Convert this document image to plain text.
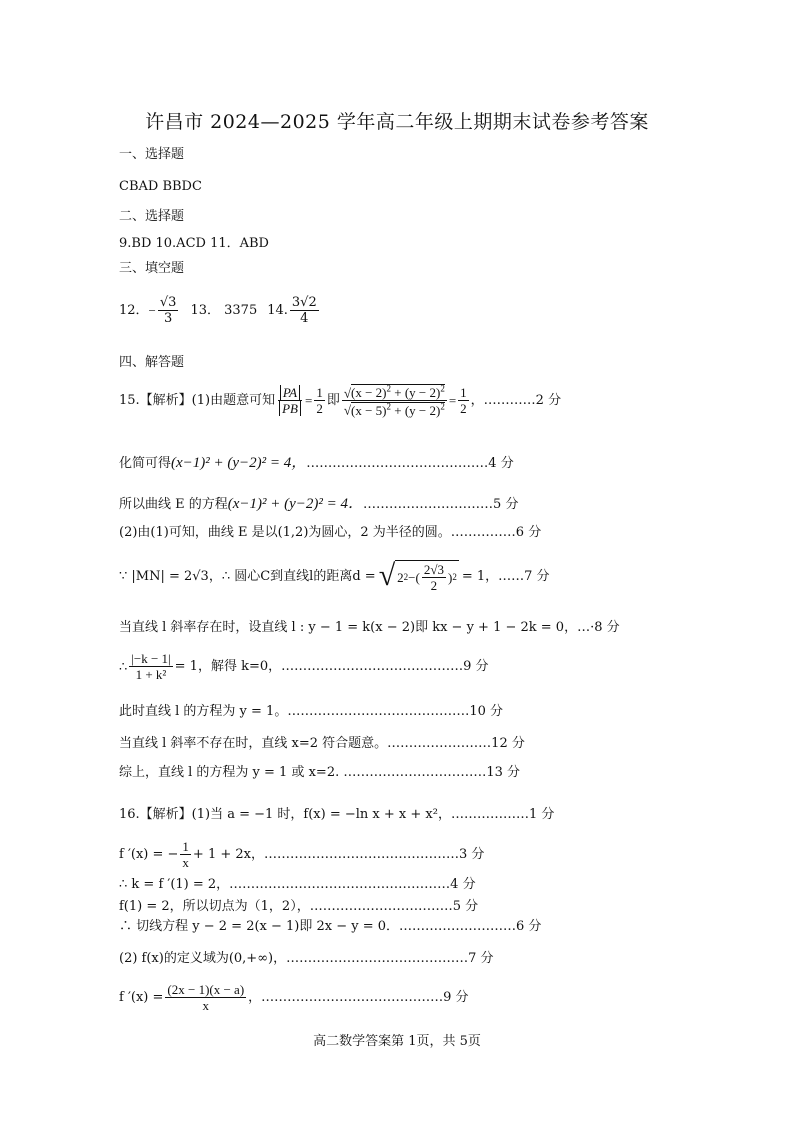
许昌市 2024—2025 学年高二年级上期期末试卷参考答案
一、选择题
CBAD BBDC
二、选择题
9.BD 10.ACD 11．ABD
三、填空题
12． − $\frac{√3}{3} 13$． 3375 14. $\frac{3√2}{4}$
四、解答题
15.【解析】(1)由题意可知 $\frac{PA}{PB} = \frac{1}{2}$ 即 $\frac{√(x - 2)^2 + (y - 2)^2}{√(x - 5)^2 + (y - 2)^2} = \frac{1}{2}$ ， …………2 分
化简可得(x−1)² + (y−2)² = 4，……………………………………4 分
所以曲线 E 的方程(x−1)² + (y−2)² = 4．…………………………5 分
(2)由(1)可知，曲线 E 是以(1,2)为圆心，2 为半径的圆。……………6 分
∵ |MN| = 2√3，∴ 圆心C到直线l的距离d = √ 2 2 −( $\frac{2√3}{2}$ ) 2 = 1，……7 分
当直线 l 斜率存在时，设直线 l : y − 1 = k(x − 2)即 kx − y + 1 − 2k = 0，…·8 分
∴ $\frac{|-k - 1|}{\text{1 + k²}} = 1$，解得 k=0，……………………………………9 分
此时直线 l 的方程为 y = 1。……………………………………10 分
当直线 l 斜率不存在时，直线 x=2 符合题意。……………………12 分
综上，直线 l 的方程为 y = 1 或 x=2. ……………………………13 分
16.【解析】(1)当 a = −1 时，f(x) = −ln x + x + x²，………………1 分
f ′(x) = − $\frac{1}{x} + 1 + 2x$，………………………………………3 分
∴ k = f ′(1) = 2，……………………………………………4 分
f(1) = 2，所以切点为（1，2），……………………………5 分
∴ 切线方程 y − 2 = 2(x − 1)即 2x − y = 0．………………………6 分
(2) f(x)的定义域为(0,+∞)，……………………………………7 分
f $'(x) = \frac{(2x - 1)(x - a)}{x}$ ，……………………………………9 分
高二数学答案第 1页，共 5页
